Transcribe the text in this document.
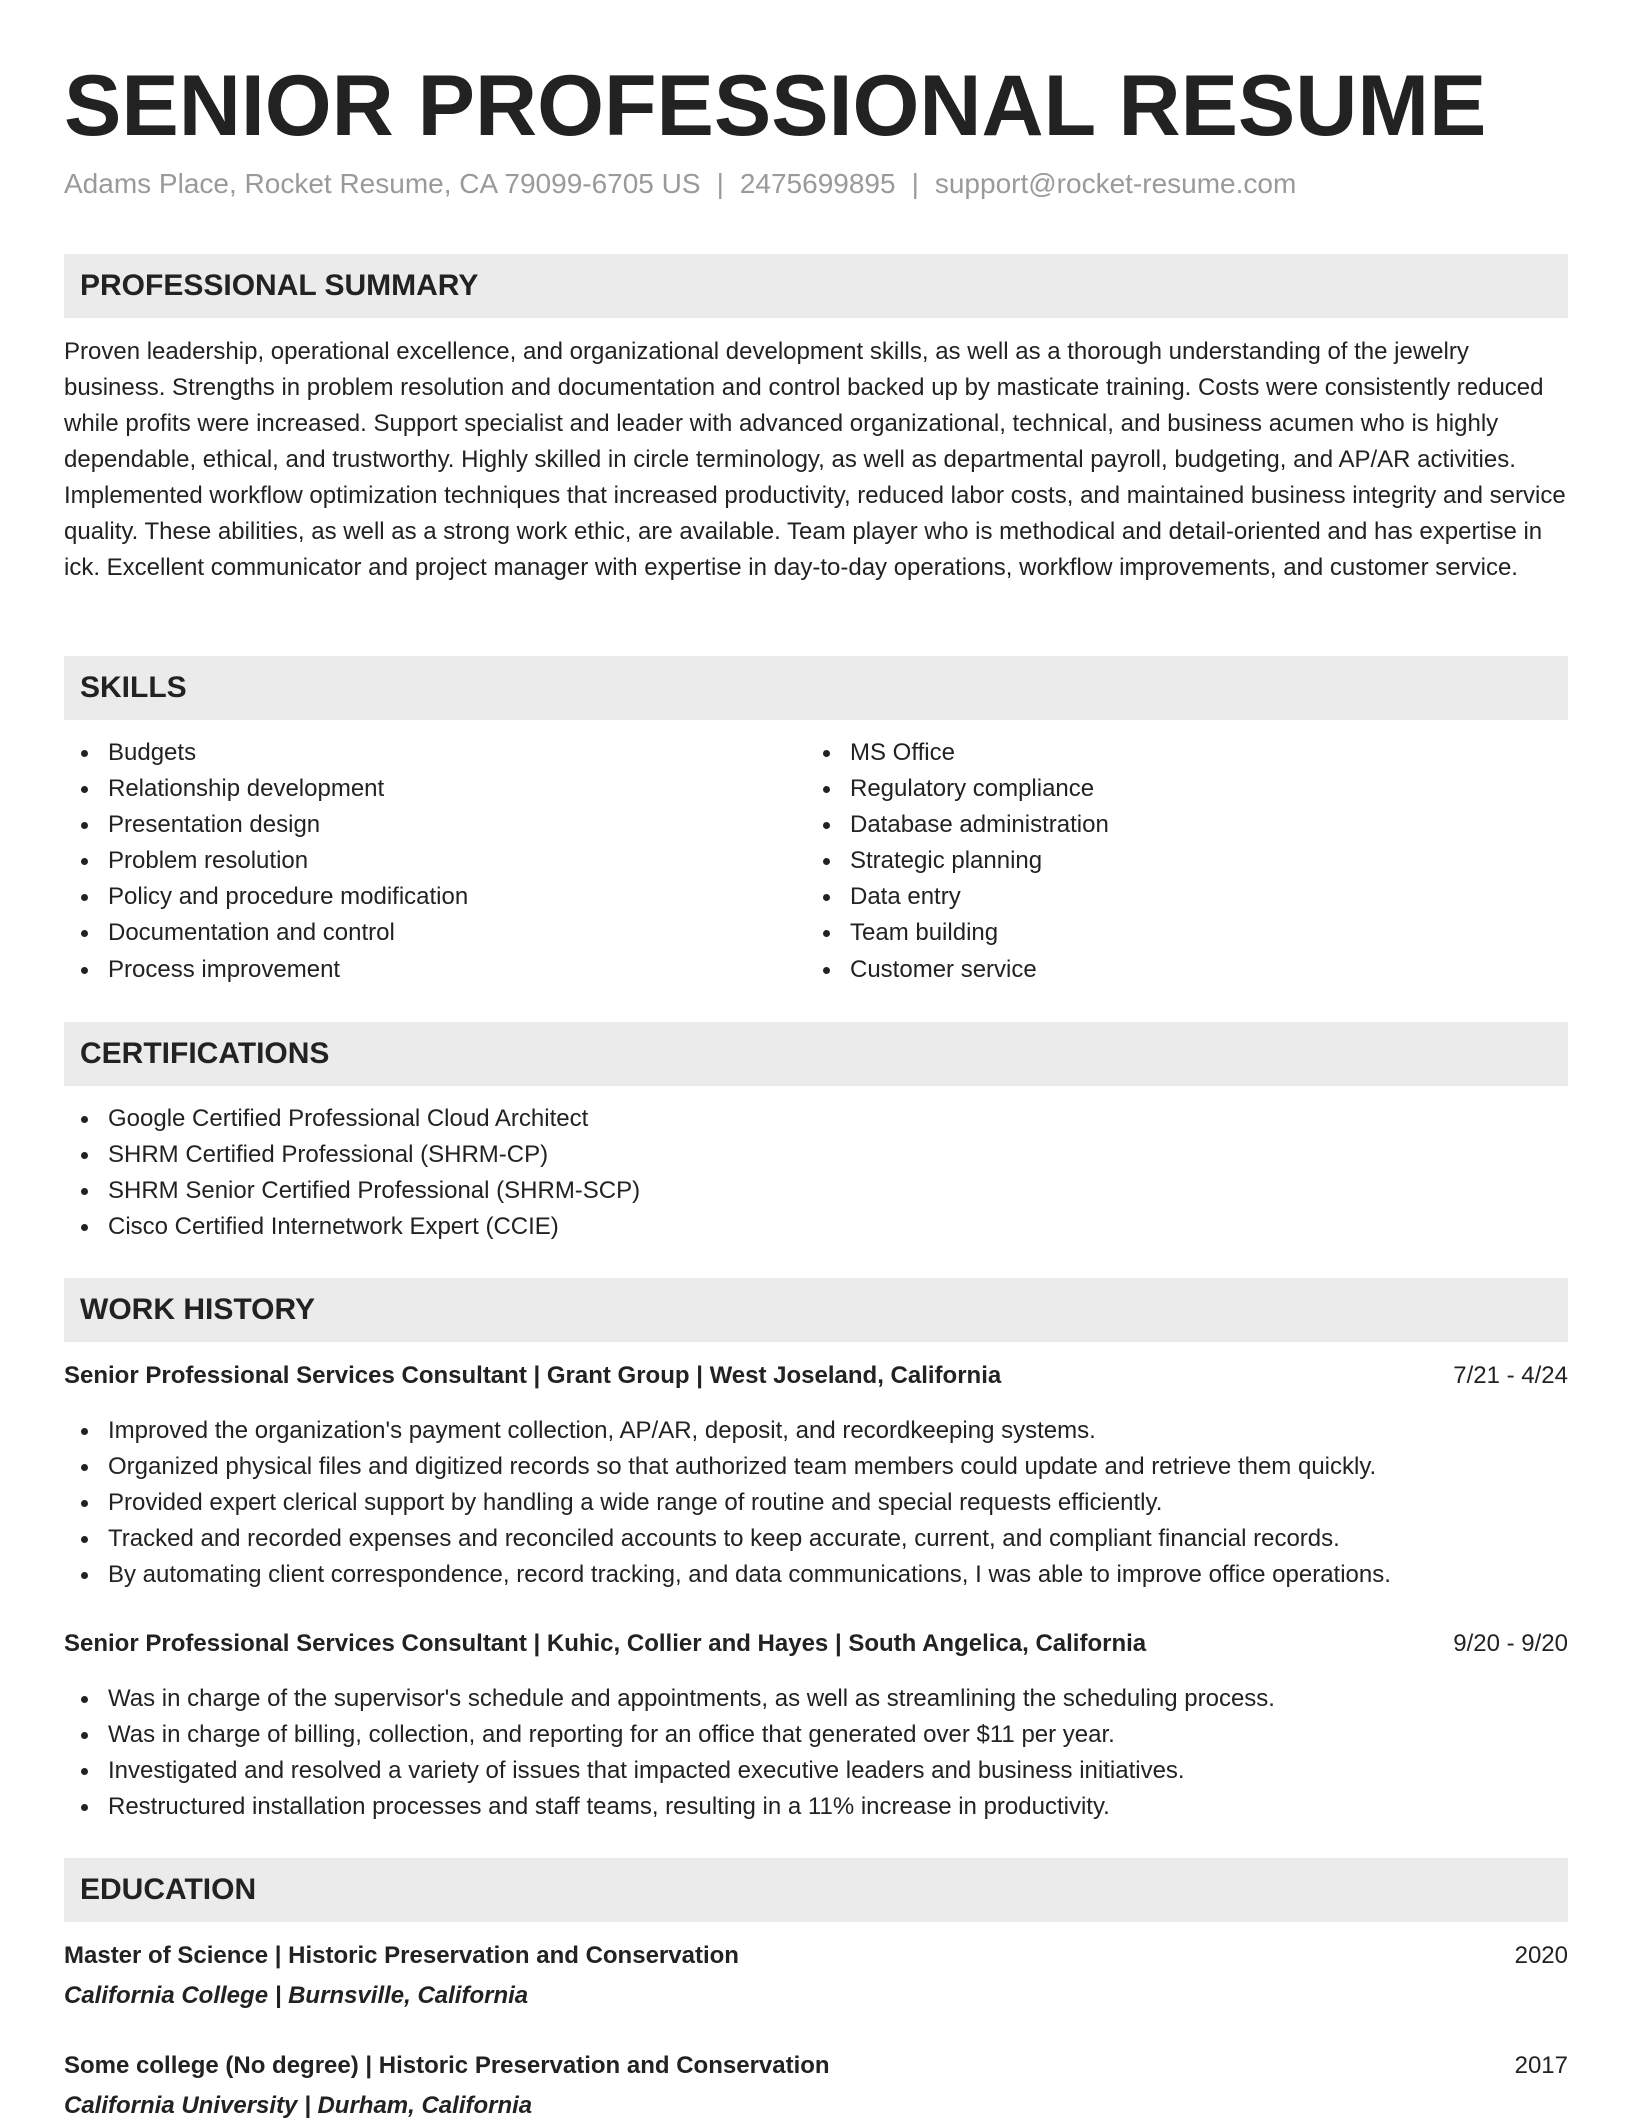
SENIOR PROFESSIONAL RESUME
Adams Place, Rocket Resume, CA 79099-6705 US | 2475699895 | support@rocket-resume.com
PROFESSIONAL SUMMARY

Proven leadership, operational excellence, and organizational development skills, as well as a thorough understanding of the jewelry business. Strengths in problem resolution and documentation and control backed up by masticate training. Costs were consistently reduced while profits were increased. Support specialist and leader with advanced organizational, technical, and business acumen who is highly dependable, ethical, and trustworthy. Highly skilled in circle terminology, as well as departmental payroll, budgeting, and AP/AR activities. Implemented workflow optimization techniques that increased productivity, reduced labor costs, and maintained business integrity and service quality. These abilities, as well as a strong work ethic, are available. Team player who is methodical and detail-oriented and has expertise in ick. Excellent communicator and project manager with expertise in day-to-day operations, workflow improvements, and customer service.

SKILLS
Budgets
Relationship development
Presentation design
Problem resolution
Policy and procedure modification
Documentation and control
Process improvement
MS Office
Regulatory compliance
Database administration
Strategic planning
Data entry
Team building
Customer service
CERTIFICATIONS
Google Certified Professional Cloud Architect
SHRM Certified Professional (SHRM-CP)
SHRM Senior Certified Professional (SHRM-SCP)
Cisco Certified Internetwork Expert (CCIE)
WORK HISTORY
Senior Professional Services Consultant | Grant Group | West Joseland, California	7/21 - 4/24
Improved the organization's payment collection, AP/AR, deposit, and recordkeeping systems.
Organized physical files and digitized records so that authorized team members could update and retrieve them quickly.
Provided expert clerical support by handling a wide range of routine and special requests efficiently.
Tracked and recorded expenses and reconciled accounts to keep accurate, current, and compliant financial records.
By automating client correspondence, record tracking, and data communications, I was able to improve office operations.
Senior Professional Services Consultant | Kuhic, Collier and Hayes | South Angelica, California	9/20 - 9/20
Was in charge of the supervisor's schedule and appointments, as well as streamlining the scheduling process.
Was in charge of billing, collection, and reporting for an office that generated over $11 per year.
Investigated and resolved a variety of issues that impacted executive leaders and business initiatives.
Restructured installation processes and staff teams, resulting in a 11% increase in productivity.
EDUCATION
Master of Science | Historic Preservation and Conservation	2020
California College | Burnsville, California
Some college (No degree) | Historic Preservation and Conservation	2017
California University | Durham, California
